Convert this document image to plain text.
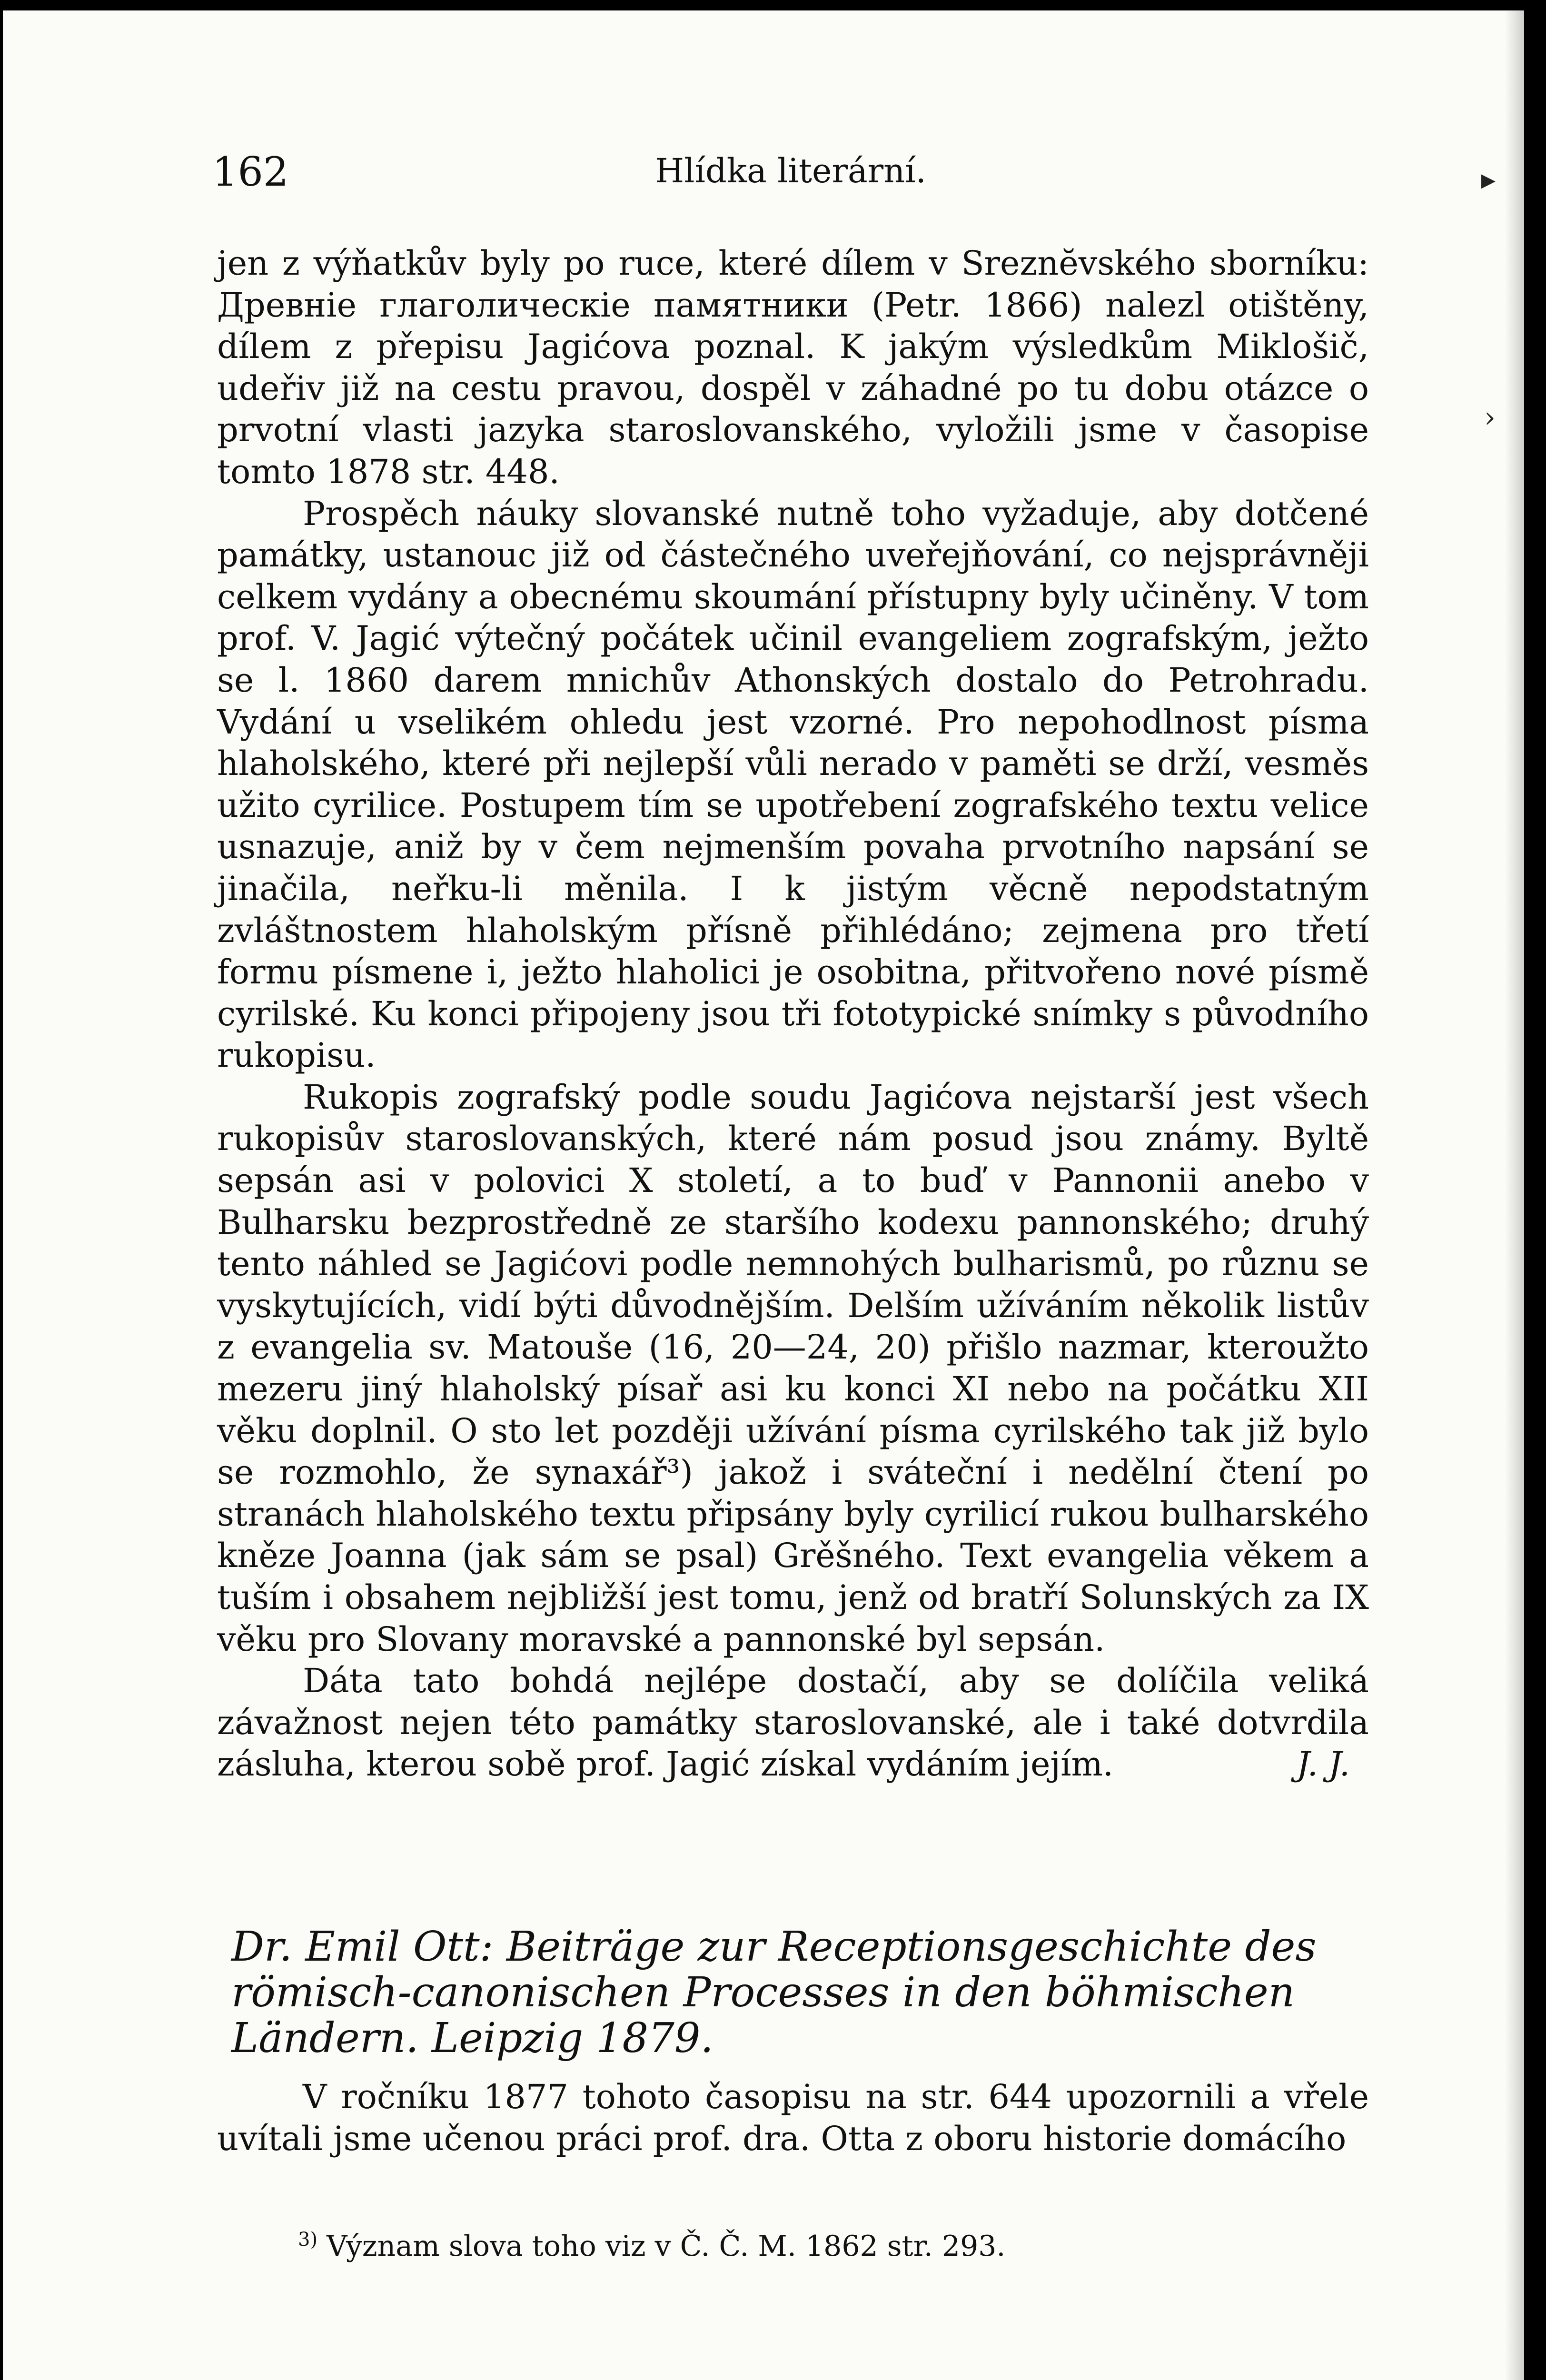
162	Hlídka literární.

jen z výňatkův byly po ruce, které dílem v Sreznĕvského sborníku: Древнiе глаголическiе памятники (Petr. 1866) nalezl otištěny, dílem z přepisu Jagićova poznal. K jakým výsledkům Miklošič, udeřiv již na cestu pravou, dospěl v záhadné po tu dobu otázce o prvotní vlasti jazyka staroslovanského, vyložili jsme v časopise tomto 1878 str. 448.

Prospěch náuky slovanské nutně toho vyžaduje, aby dotčené památky, ustanouc již od částečného uveřejňování, co nejsprávněji celkem vydány a obecnému skoumání přístupny byly učiněny. V tom prof. V. Jagić výtečný počátek učinil evangeliem zografským, ježto se l. 1860 darem mnichův Athonských dostalo do Petrohradu. Vydání u vselikém ohledu jest vzorné. Pro nepohodlnost písma hlaholského, které při nejlepší vůli nerado v paměti se drží, vesměs užito cyrilice. Postupem tím se upotřebení zografského textu velice usnazuje, aniž by v čem nejmenším povaha prvotního napsání se jinačila, neřku-li měnila. I k jistým věcně nepodstatným zvláštnostem hlaholským přísně přihlédáno; zejmena pro třetí formu písmene i, ježto hlaholici je osobitna, přitvořeno nové písmě cyrilské. Ku konci připojeny jsou tři fototypické snímky s původního rukopisu.

Rukopis zografský podle soudu Jagićova nejstarší jest všech rukopisův staroslovanských, které nám posud jsou známy. Byltě sepsán asi v polovici X století, a to buď v Pannonii anebo v Bulharsku bezprostředně ze staršího kodexu pannonského; druhý tento náhled se Jagićovi podle nemnohých bulharismů, po různu se vyskytujících, vidí býti důvodnějším. Delším užíváním několik listův z evangelia sv. Matouše (16, 20—24, 20) přišlo nazmar, kteroužto mezeru jiný hlaholský písař asi ku konci XI nebo na počátku XII věku doplnil. O sto let později užívání písma cyrilského tak již bylo se rozmohlo, že synaxář³) jakož i sváteční i nedělní čtení po stranách hlaholského textu připsány byly cyrilicí rukou bulharského kněze Joanna (jak sám se psal) Grěšného. Text evangelia věkem a tuším i obsahem nejbližší jest tomu, jenž od bratří Solunských za IX věku pro Slovany moravské a pannonské byl sepsán.

Dáta tato bohdá nejlépe dostačí, aby se dolíčila veliká závažnost nejen této památky staroslovanské, ale i také dotvrdila zásluha, kterou sobě prof. Jagić získal vydáním jejím.	J. J.

Dr. Emil Ott: Beiträge zur Receptionsgeschichte des römisch-canonischen Processes in den böhmischen Ländern. Leipzig 1879.

V ročníku 1877 tohoto časopisu na str. 644 upozornili a vřele uvítali jsme učenou práci prof. dra. Otta z oboru historie domácího

$^{3)}$ Význam slova toho viz v Č. Č. M. 1862 str. 293.
▸
›
